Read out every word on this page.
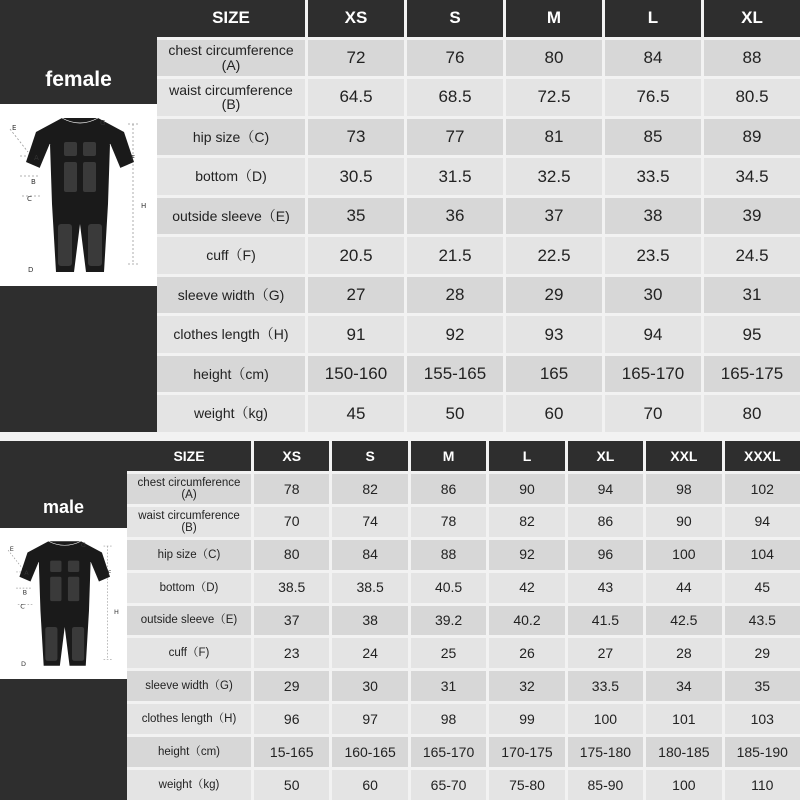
female
E
A
B
C
G
F
H
D
SIZE	XS	S	M	L	XL
chest circumference (A)	72	76	80	84	88
waist circumference (B)	64.5	68.5	72.5	76.5	80.5
hip size（C)	73	77	81	85	89
bottom（D)	30.5	31.5	32.5	33.5	34.5
outside sleeve（E)	35	36	37	38	39
cuff（F)	20.5	21.5	22.5	23.5	24.5
sleeve width（G)	27	28	29	30	31
clothes length（H)	91	92	93	94	95
height（cm)	150-160	155-165	165	165-170	165-175
weight（kg)	45	50	60	70	80
male
E
A
B
C
G
F
H
D
SIZE	XS	S	M	L	XL	XXL	XXXL
chest circumference (A)	78	82	86	90	94	98	102
waist circumference (B)	70	74	78	82	86	90	94
hip size（C)	80	84	88	92	96	100	104
bottom（D)	38.5	38.5	40.5	42	43	44	45
outside sleeve（E)	37	38	39.2	40.2	41.5	42.5	43.5
cuff（F)	23	24	25	26	27	28	29
sleeve width（G)	29	30	31	32	33.5	34	35
clothes length（H)	96	97	98	99	100	101	103
height（cm)	15-165	160-165	165-170	170-175	175-180	180-185	185-190
weight（kg)	50	60	65-70	75-80	85-90	100	110
